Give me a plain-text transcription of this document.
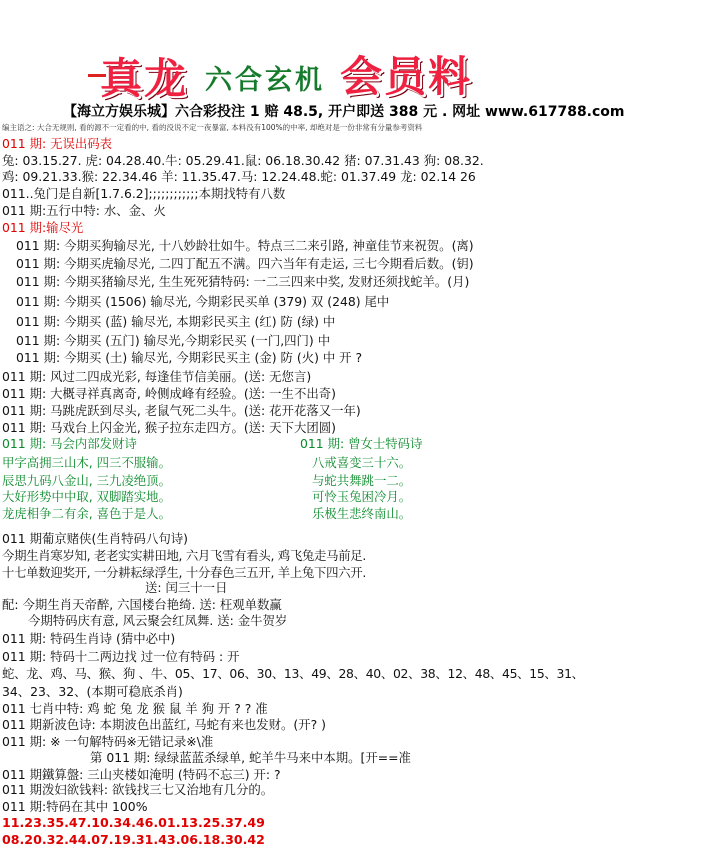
真龙 六合玄机 会员料
【海立方娱乐城】六合彩投注 1 赔 48.5, 开户即送 388 元 . 网址 www.617788.com
编主语之: 大合无规则, 看的源不一定看的中, 看的没说不定一夜暴富, 本料没有100%的中率, 却绝对是一份非常有分量参考资料
011 期: 无误出码表
兔: 03.15.27. 虎: 04.28.40.牛: 05.29.41.鼠: 06.18.30.42 猪: 07.31.43 狗: 08.32.
鸡: 09.21.33.猴: 22.34.46 羊: 11.35.47.马: 12.24.48.蛇: 01.37.49 龙: 02.14 26
011..兔门是自新[1.7.6.2];;;;;;;;;;;;本期找特有八数
011 期:五行中特: 水、金、火
011 期:输尽光
011 期: 今期买狗输尽光, 十八妙龄壮如牛。特点三二来引路, 神童佳节来祝贺。(离)
011 期: 今期买虎输尽光, 二四丁配五不满。四六当年有走运, 三七今期看后数。(钥)
011 期: 今期买猪输尽光, 生生死死猜特码: 一二三四来中奖, 发财还须找蛇羊。(月)
011 期: 今期买 (1506) 输尽光, 今期彩民买单 (379) 双 (248) 尾中
011 期: 今期买 (蓝) 输尽光, 本期彩民买主 (红) 防 (绿) 中
011 期: 今期买 (五门) 输尽光,今期彩民买 (一门,四门) 中
011 期: 今期买 (土) 输尽光, 今期彩民买主 (金) 防 (火) 中 开 ?
011 期: 风过二四成光彩, 每逢佳节信美丽。(送: 无您言)
011 期: 大概寻祥真离奇, 岭侧成峰有经验。(送: 一生不出奇)
011 期: 马跳虎跃到尽头, 老鼠气死二头牛。(送: 花开花落又一年)
011 期: 马戏台上闪金光, 猴子拉东走四方。(送: 天下大团圆)
011 期: 马会内部发财诗	011 期: 曾女士特码诗
甲字高拥三山木, 四三不服输。
辰思九码八金山, 三九凌绝顶。
大好形势中中取, 双脚踏实地。
龙虎相争二有余, 喜色于是人。
八戒喜变三十六。
与蛇共舞跳一二。
可怜玉兔困冷月。
乐极生悲终南山。
011 期葡京赌侠(生肖特码八句诗)
今期生肖寒岁知, 老老实实耕田地, 六月飞雪有看头, 鸡飞兔走马前足.
十七单数迎奖开, 一分耕耘绿浮生, 十分春色三五开, 羊上兔下四六开.
送: 闰三十一日
配: 今期生肖天帝醉, 六国楼台艳绮. 送: 枉观单数赢
今期特码庆有意, 风云聚会红凤舞. 送: 金牛贺岁
011 期: 特码生肖诗 (猜中必中)
011 期: 特码十二两边找 过一位有特码 : 开
蛇、龙、鸡、马、猴、狗 、牛、05、17、06、30、13、49、28、40、02、38、12、48、45、15、31、
34、23、32、(本期可稳底杀肖)
011 七肖中特: 鸡 蛇 兔 龙 猴 鼠 羊 狗 开 ? ? 准
011 期新波色诗: 本期波色出蓝红, 马蛇有来也发财。(开? )
011 期: ※ 一句解特码※无错记录※\准
第 011 期: 绿绿蓝蓝杀绿单, 蛇羊牛马来中本期。[开==准
011 期鐵算盤: 三山夹楼如淹明 (特码不忘三) 开: ?
011 期泼妇欲钱料: 欲钱找三七又治地有几分的。
011 期:特码在其中 100%
11.23.35.47.10.34.46.01.13.25.37.49
08.20.32.44.07.19.31.43.06.18.30.42
